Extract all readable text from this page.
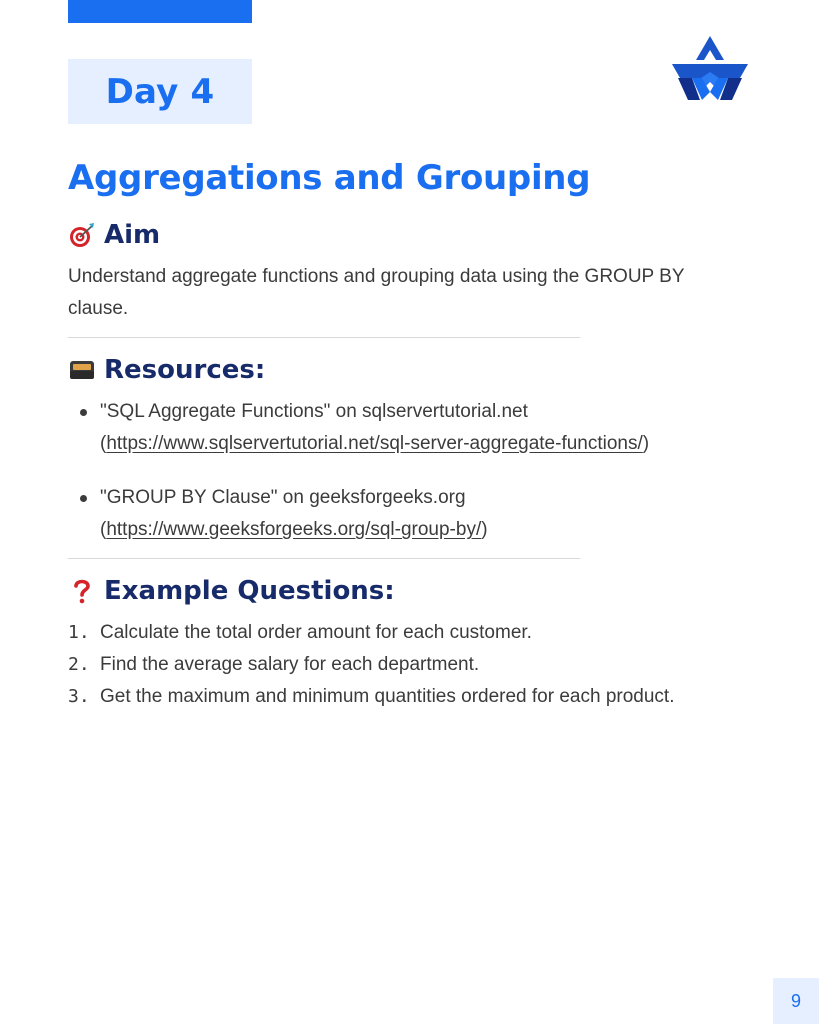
Day 4
Aggregations and Grouping
Aim

Understand aggregate functions and grouping data using the GROUP BY clause.

Resources:
"SQL Aggregate Functions" on sqlservertutorial.net (https://www.sqlservertutorial.net/sql-server-aggregate-functions/)
"GROUP BY Clause" on geeksforgeeks.org (https://www.geeksforgeeks.org/sql-group-by/)
Example Questions:
1. Calculate the total order amount for each customer.
2. Find the average salary for each department.
3. Get the maximum and minimum quantities ordered for each product.
9
